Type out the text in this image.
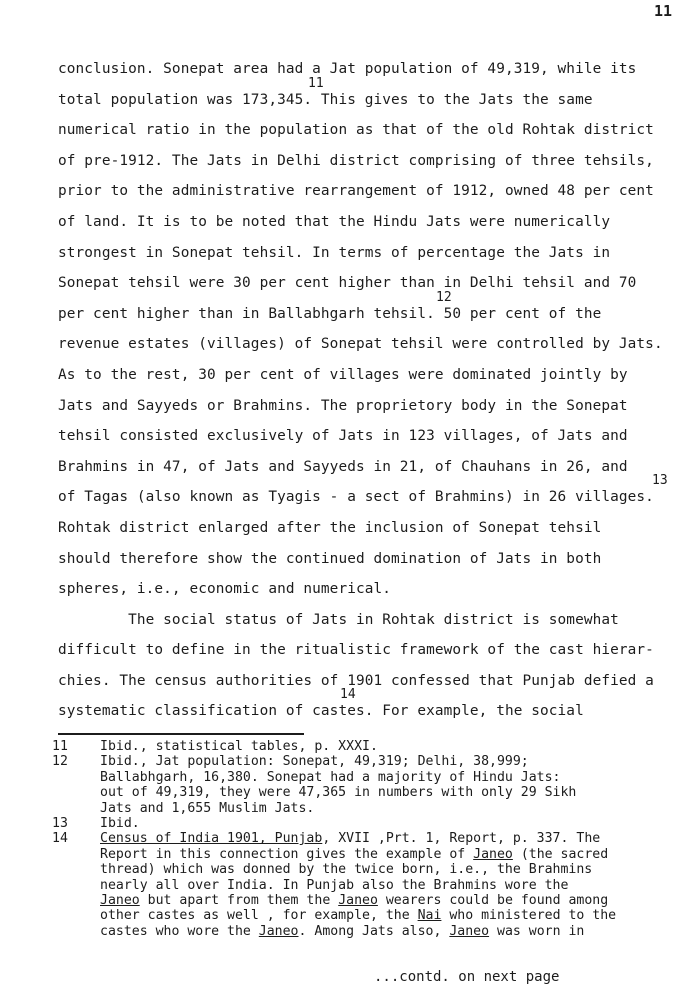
11
conclusion. Sonepat area had a Jat population of 49,319, while its
11
total population was 173,345. This gives to the Jats the same
numerical ratio in the population as that of the old Rohtak district
of pre-1912. The Jats in Delhi district comprising of three tehsils,
prior to the administrative rearrangement of 1912, owned 48 per cent
of land. It is to be noted that the Hindu Jats were numerically
strongest in Sonepat tehsil. In terms of percentage the Jats in
Sonepat tehsil were 30 per cent higher than in Delhi tehsil and 70
12
per cent higher than in Ballabhgarh tehsil. 50 per cent of the
revenue estates (villages) of Sonepat tehsil were controlled by Jats.
As to the rest, 30 per cent of villages were dominated jointly by
Jats and Sayyeds or Brahmins. The proprietory body in the Sonepat
tehsil consisted exclusively of Jats in 123 villages, of Jats and
Brahmins in 47, of Jats and Sayyeds in 21, of Chauhans in 26, and
13
of Tagas (also known as Tyagis - a sect of Brahmins) in 26 villages.
Rohtak district enlarged after the inclusion of Sonepat tehsil
should therefore show the continued domination of Jats in both
spheres, i.e., economic and numerical.
The social status of Jats in Rohtak district is somewhat
difficult to define in the ritualistic framework of the cast hierar-
chies. The census authorities of 1901 confessed that Punjab defied a
14
systematic classification of castes. For example, the social
11	Ibid., statistical tables, p. XXXI.
12	Ibid., Jat population: Sonepat, 49,319; Delhi, 38,999;
Ballabhgarh, 16,380. Sonepat had a majority of Hindu Jats:
out of 49,319, they were 47,365 in numbers with only 29 Sikh
Jats and 1,655 Muslim Jats.
13	Ibid.
14	Census of India 1901, Punjab, XVII ,Prt. 1, Report, p. 337. The
Report in this connection gives the example of Janeo (the sacred
thread) which was donned by the twice born, i.e., the Brahmins
nearly all over India. In Punjab also the Brahmins wore the
Janeo but apart from them the Janeo wearers could be found among
other castes as well , for example, the Nai who ministered to the
castes who wore the Janeo. Among Jats also, Janeo was worn in
...contd. on next page
